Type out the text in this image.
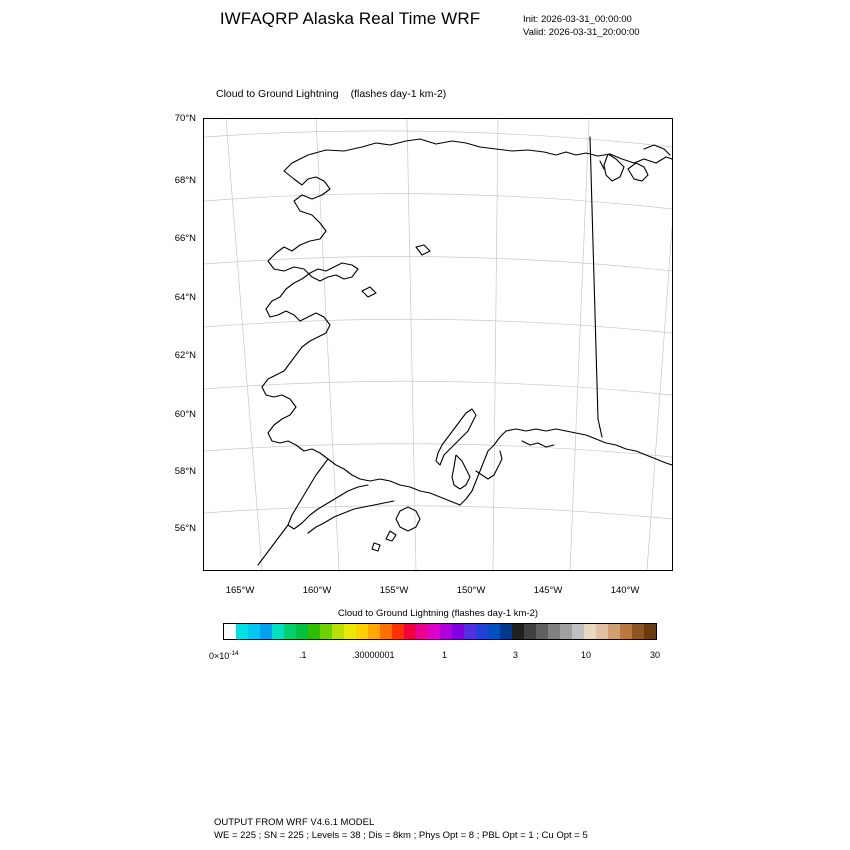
IWFAQRP Alaska Real Time WRF	Init: 2026-03-31_00:00:00
Valid: 2026-03-31_20:00:00
Cloud to Ground Lightning (flashes day-1 km-2)
70°N
68°N
66°N
64°N
62°N
60°N
58°N
56°N
165°W	160°W	155°W	150°W	145°W	140°W
Cloud to Ground Lightning (flashes day-1 km-2)
$0\times 10^{-14}$	.1	.30000001	1	3	10	30
OUTPUT FROM WRF V4.6.1 MODEL
WE = 225 ; SN = 225 ; Levels = 38 ; Dis = 8km ; Phys Opt = 8 ; PBL Opt = 1 ; Cu Opt = 5
